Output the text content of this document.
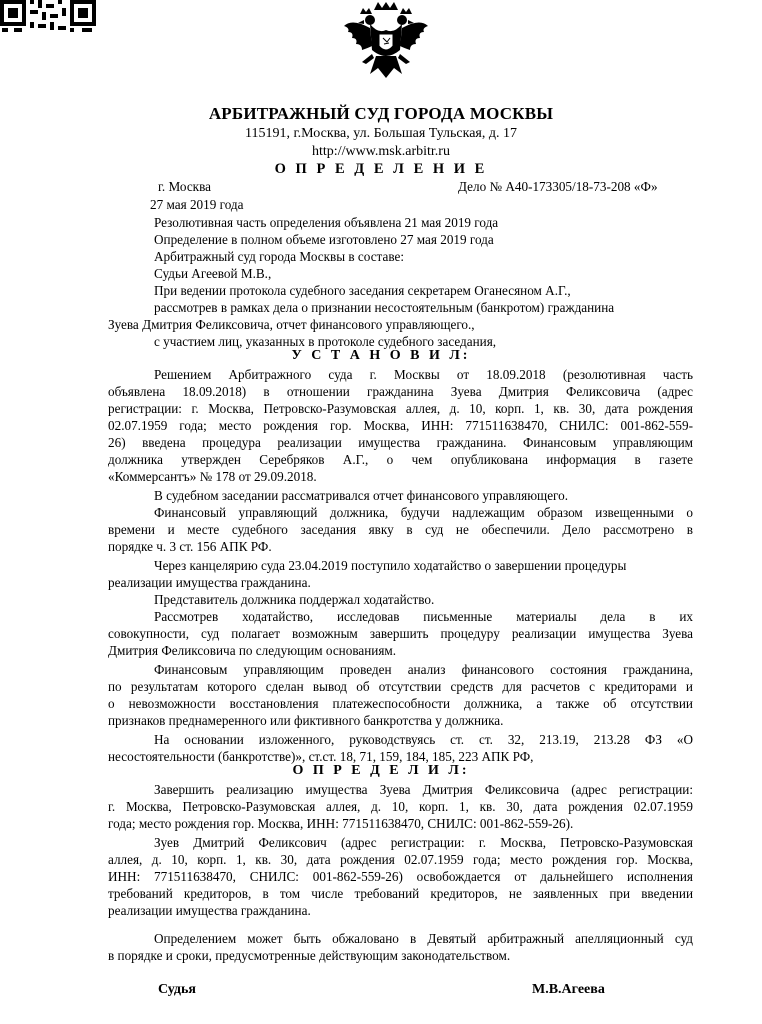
АРБИТРАЖНЫЙ СУД ГОРОДА МОСКВЫ
115191, г.Москва, ул. Большая Тульская, д. 17
http://www.msk.arbitr.ru
О П Р Е Д Е Л Е Н И Е
г. Москва	Дело № А40-173305/18-73-208 «Ф»
27 мая 2019 года
Резолютивная часть определения объявлена 21 мая 2019 года
Определение в полном объеме изготовлено 27 мая 2019 года
Арбитражный суд города Москвы в составе:
Судьи Агеевой М.В.,
При ведении протокола судебного заседания секретарем Оганесяном А.Г.,
рассмотрев в рамках дела о признании несостоятельным (банкротом) гражданина
Зуева Дмитрия Феликсовича, отчет финансового управляющего.,
с участием лиц, указанных в протоколе судебного заседания,
У С Т А Н О В И Л:
Решением Арбитражного суда г. Москвы от 18.09.2018 (резолютивная часть
объявлена 18.09.2018) в отношении гражданина Зуева Дмитрия Феликсовича (адрес
регистрации: г. Москва, Петровско-Разумовская аллея, д. 10, корп. 1, кв. 30, дата рождения
02.07.1959 года; место рождения гор. Москва, ИНН: 771511638470, СНИЛС: 001-862-559-
26) введена процедура реализации имущества гражданина. Финансовым управляющим
должника утвержден Серебряков А.Г., о чем опубликована информация в газете
«Коммерсантъ» № 178 от 29.09.2018.
В судебном заседании рассматривался отчет финансового управляющего.
Финансовый управляющий должника, будучи надлежащим образом извещенными о
времени и месте судебного заседания явку в суд не обеспечили. Дело рассмотрено в
порядке ч. 3 ст. 156 АПК РФ.
Через канцелярию суда 23.04.2019 поступило ходатайство о завершении процедуры
реализации имущества гражданина.
Представитель должника поддержал ходатайство.
Рассмотрев ходатайство, исследовав письменные материалы дела в их
совокупности, суд полагает возможным завершить процедуру реализации имущества Зуева
Дмитрия Феликсовича по следующим основаниям.
Финансовым управляющим проведен анализ финансового состояния гражданина,
по результатам которого сделан вывод об отсутствии средств для расчетов с кредиторами и
о невозможности восстановления платежеспособности должника, а также об отсутствии
признаков преднамеренного или фиктивного банкротства у должника.
На основании изложенного, руководствуясь ст. ст. 32, 213.19, 213.28 ФЗ «О
несостоятельности (банкротстве)», ст.ст. 18, 71, 159, 184, 185, 223 АПК РФ,
О П Р Е Д Е Л И Л:
Завершить реализацию имущества Зуева Дмитрия Феликсовича (адрес регистрации:
г. Москва, Петровско-Разумовская аллея, д. 10, корп. 1, кв. 30, дата рождения 02.07.1959
года; место рождения гор. Москва, ИНН: 771511638470, СНИЛС: 001-862-559-26).
Зуев Дмитрий Феликсович (адрес регистрации: г. Москва, Петровско-Разумовская
аллея, д. 10, корп. 1, кв. 30, дата рождения 02.07.1959 года; место рождения гор. Москва,
ИНН: 771511638470, СНИЛС: 001-862-559-26) освобождается от дальнейшего исполнения
требований кредиторов, в том числе требований кредиторов, не заявленных при введении
реализации имущества гражданина.
Определением может быть обжаловано в Девятый арбитражный апелляционный суд
в порядке и сроки, предусмотренные действующим законодательством.
Судья	М.В.Агеева
